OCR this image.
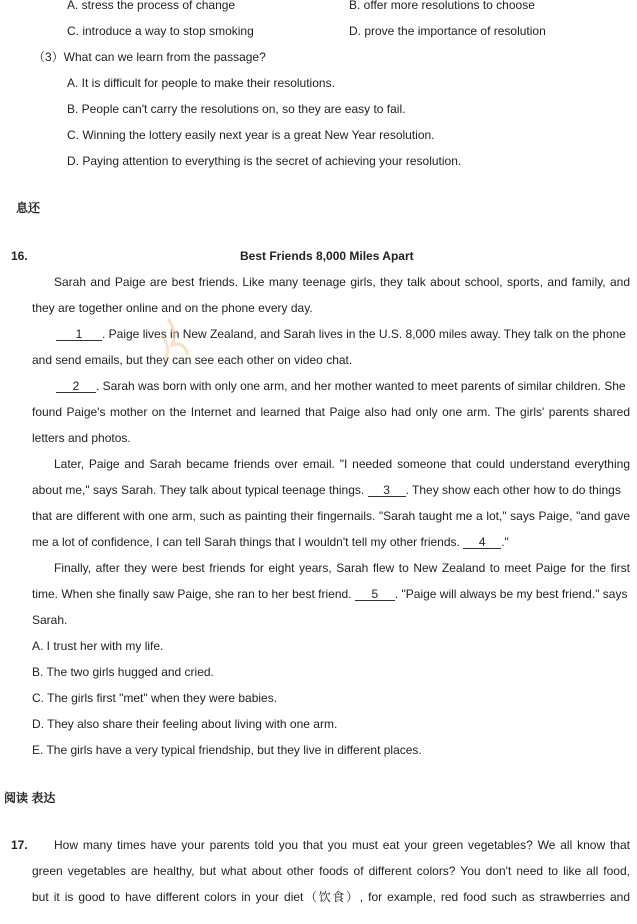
A. stress the process of change	B. offer more resolutions to choose
C. introduce a way to stop smoking	D. prove the importance of resolution
（3）What can we learn from the passage?
A. It is difficult for people to make their resolutions.
B. People can't carry the resolutions on, so they are easy to fail.
C. Winning the lottery easily next year is a great New Year resolution.
D. Paying attention to everything is the secret of achieving your resolution.
息还
16.	Best Friends 8,000 Miles Apart
Sarah and Paige are best friends. Like many teenage girls, they talk about school, sports, and family, and
they are together online and on the phone every day.
1 . Paige lives in New Zealand, and Sarah lives in the U.S. 8,000 miles away. They talk on the phone
and send emails, but they can see each other on video chat.
2 . Sarah was born with only one arm, and her mother wanted to meet parents of similar children. She
found Paige's mother on the Internet and learned that Paige also had only one arm. The girls' parents shared
letters and photos.
Later, Paige and Sarah became friends over email. "I needed someone that could understand everything
about me," says Sarah. They talk about typical teenage things. 3 . They show each other how to do things
that are different with one arm, such as painting their fingernails. "Sarah taught me a lot," says Paige, "and gave
me a lot of confidence, I can tell Sarah things that I wouldn't tell my other friends. 4 ."
Finally, after they were best friends for eight years, Sarah flew to New Zealand to meet Paige for the first
time. When she finally saw Paige, she ran to her best friend. 5 . "Paige will always be my best friend." says
Sarah.
A. I trust her with my life.
B. The two girls hugged and cried.
C. The girls first "met" when they were babies.
D. They also share their feeling about living with one arm.
E. The girls have a very typical friendship, but they live in different places.
阅读 表达
17. How many times have your parents told you that you must eat your green vegetables? We all know that
green vegetables are healthy, but what about other foods of different colors? You don't need to like all food,
but it is good to have different colors in your diet（饮食）, for example, red food such as strawberries and
